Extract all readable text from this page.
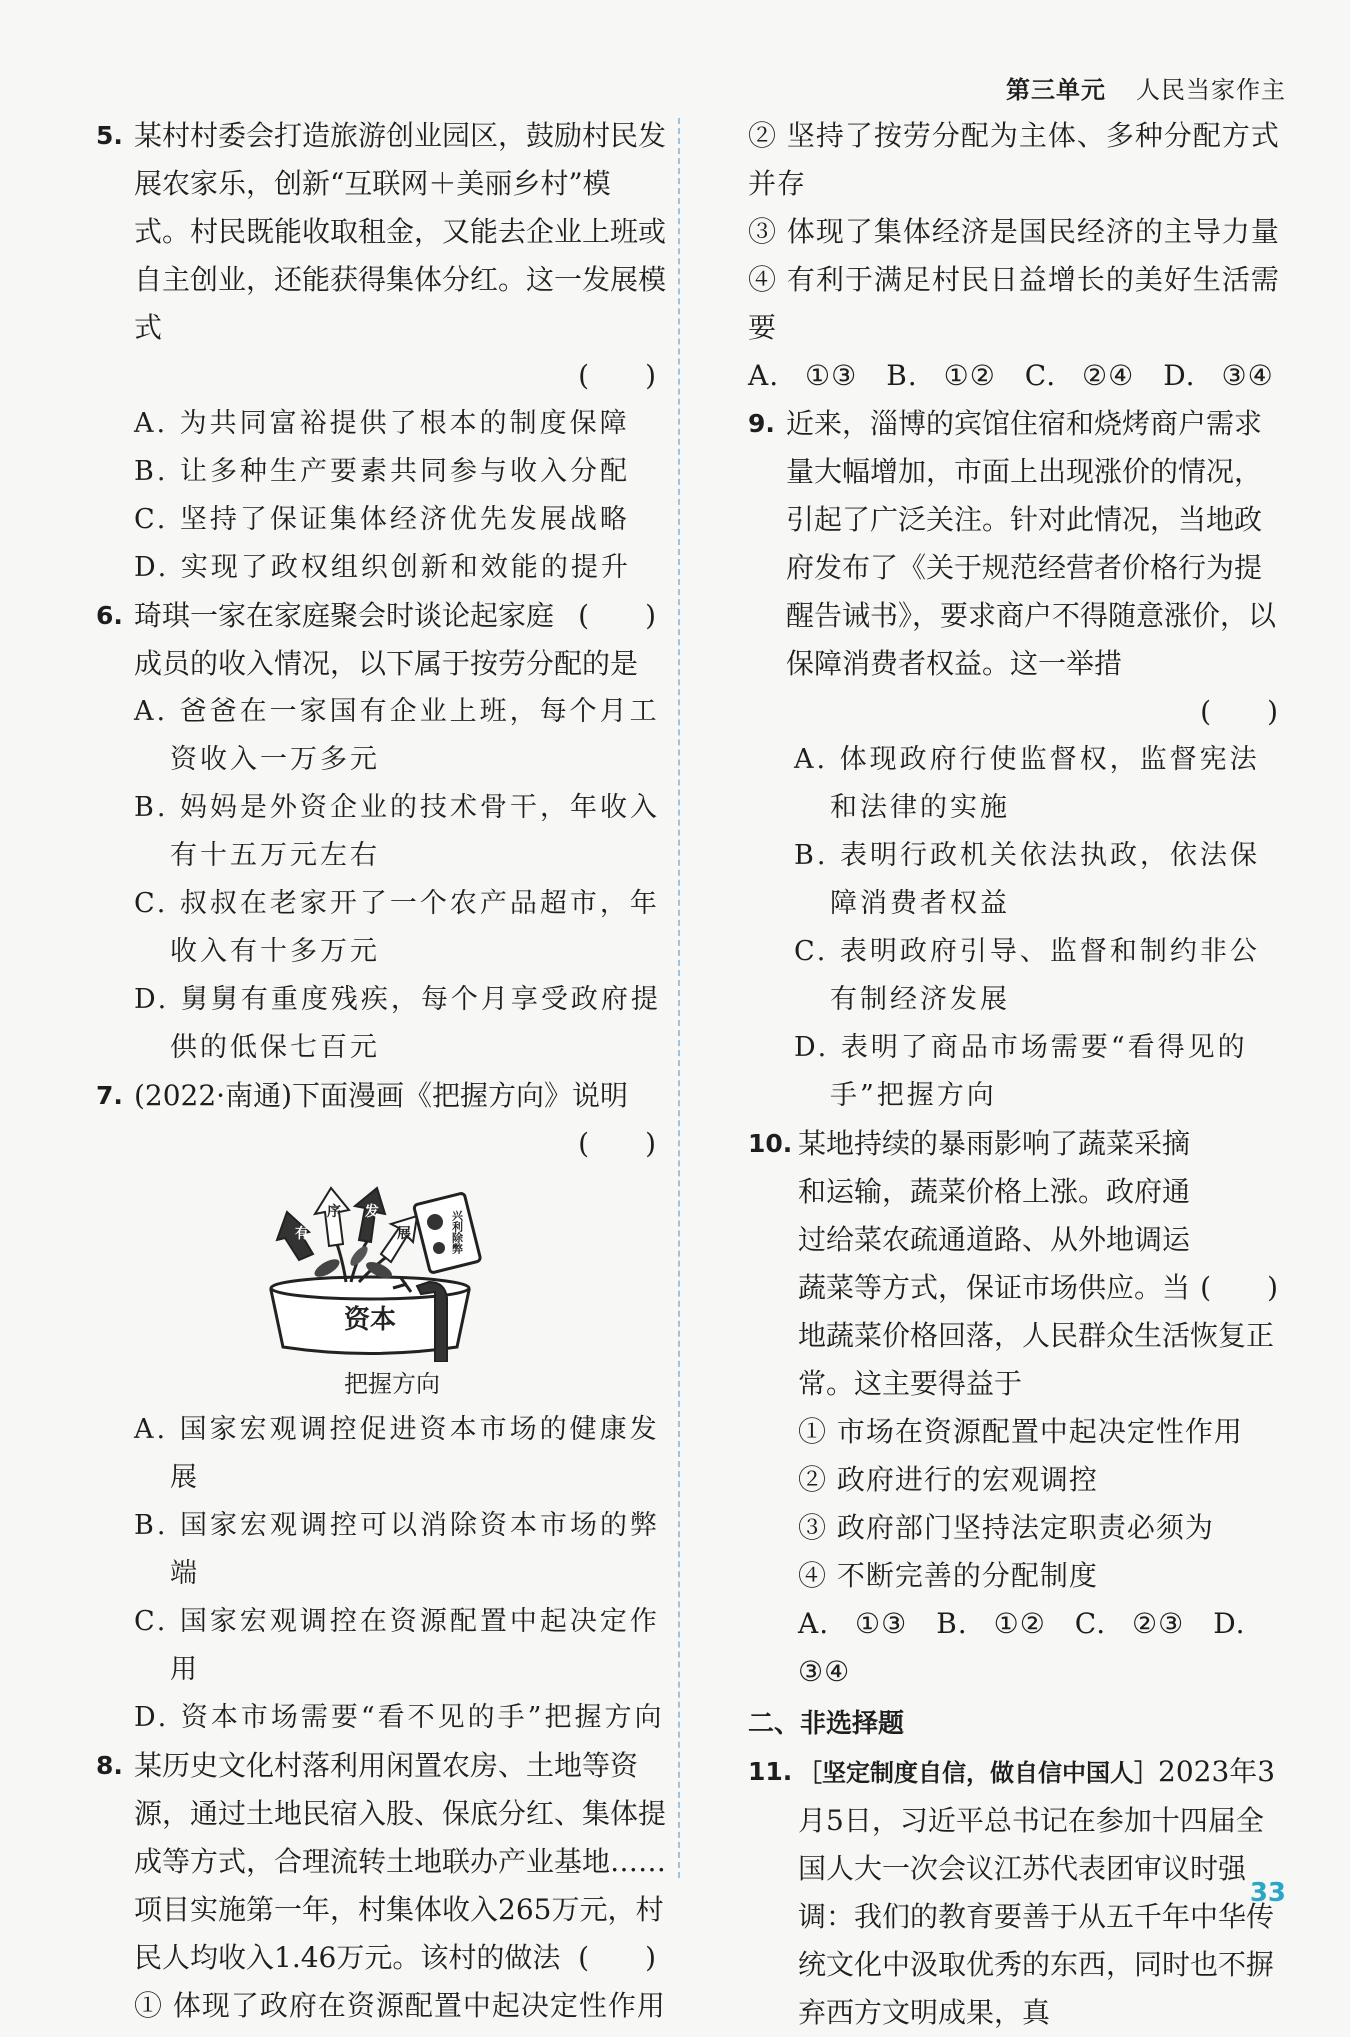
第三单元 人民当家作主
5. 某村村委会打造旅游创业园区，鼓励村民发展农家乐，创新“互联网＋美丽乡村”模式。村民既能收取租金，又能去企业上班或自主创业，还能获得集体分红。这一发展模式
(　　)
A. 为共同富裕提供了根本的制度保障
B. 让多种生产要素共同参与收入分配
C. 坚持了保证集体经济优先发展战略
D. 实现了政权组织创新和效能的提升
6.	(　　)
琦琪一家在家庭聚会时谈论起家庭成员的收入情况，以下属于按劳分配的是
A. 爸爸在一家国有企业上班，每个月工资收入一万多元
B. 妈妈是外资企业的技术骨干，年收入有十五万元左右
C. 叔叔在老家开了一个农产品超市，年收入有十多万元
D. 舅舅有重度残疾，每个月享受政府提供的低保七百元
7. (2022·南通)下面漫画《把握方向》说明
(　　)
资本
有
序 发
展	兴利除弊
把握方向
A. 国家宏观调控促进资本市场的健康发展
B. 国家宏观调控可以消除资本市场的弊端
C. 国家宏观调控在资源配置中起决定作用
D. 资本市场需要“看不见的手”把握方向
8. 某历史文化村落利用闲置农房、土地等资源，通过土地民宿入股、保底分红、集体提成等方式，合理流转土地联办产业基地……项目实施第一年，村集体收入265万元，村民人均收入1.46万元。该村的做法 (　　)
① 体现了政府在资源配置中起决定性作用
② 坚持了按劳分配为主体、多种分配方式并存
③ 体现了集体经济是国民经济的主导力量
④ 有利于满足村民日益增长的美好生活需要
A. ①③　B. ①②　C. ②④　D. ③④
9. 近来，淄博的宾馆住宿和烧烤商户需求量大幅增加，市面上出现涨价的情况，引起了广泛关注。针对此情况，当地政府发布了《关于规范经营者价格行为提醒告诫书》，要求商户不得随意涨价，以保障消费者权益。这一举措
(　　)
A. 体现政府行使监督权，监督宪法和法律的实施
B. 表明行政机关依法执政，依法保障消费者权益
C. 表明政府引导、监督和制约非公有制经济发展
D. 表明了商品市场需要“看得见的手”把握方向
10.
(　　)
某地持续的暴雨影响了蔬菜采摘和运输，蔬菜价格上涨。政府通过给菜农疏通道路、从外地调运蔬菜等方式，保证市场供应。当地蔬菜价格回落，人民群众生活恢复正常。这主要得益于
① 市场在资源配置中起决定性作用
② 政府进行的宏观调控
③ 政府部门坚持法定职责必须为
④ 不断完善的分配制度
A. ①③　B. ①②　C. ②③　D. ③④
二、非选择题
11. ［坚定制度自信，做自信中国人］2023年3月5日，习近平总书记在参加十四届全国人大一次会议江苏代表团审议时强调：我们的教育要善于从五千年中华传统文化中汲取优秀的东西，同时也不摒弃西方文明成果，真
33
